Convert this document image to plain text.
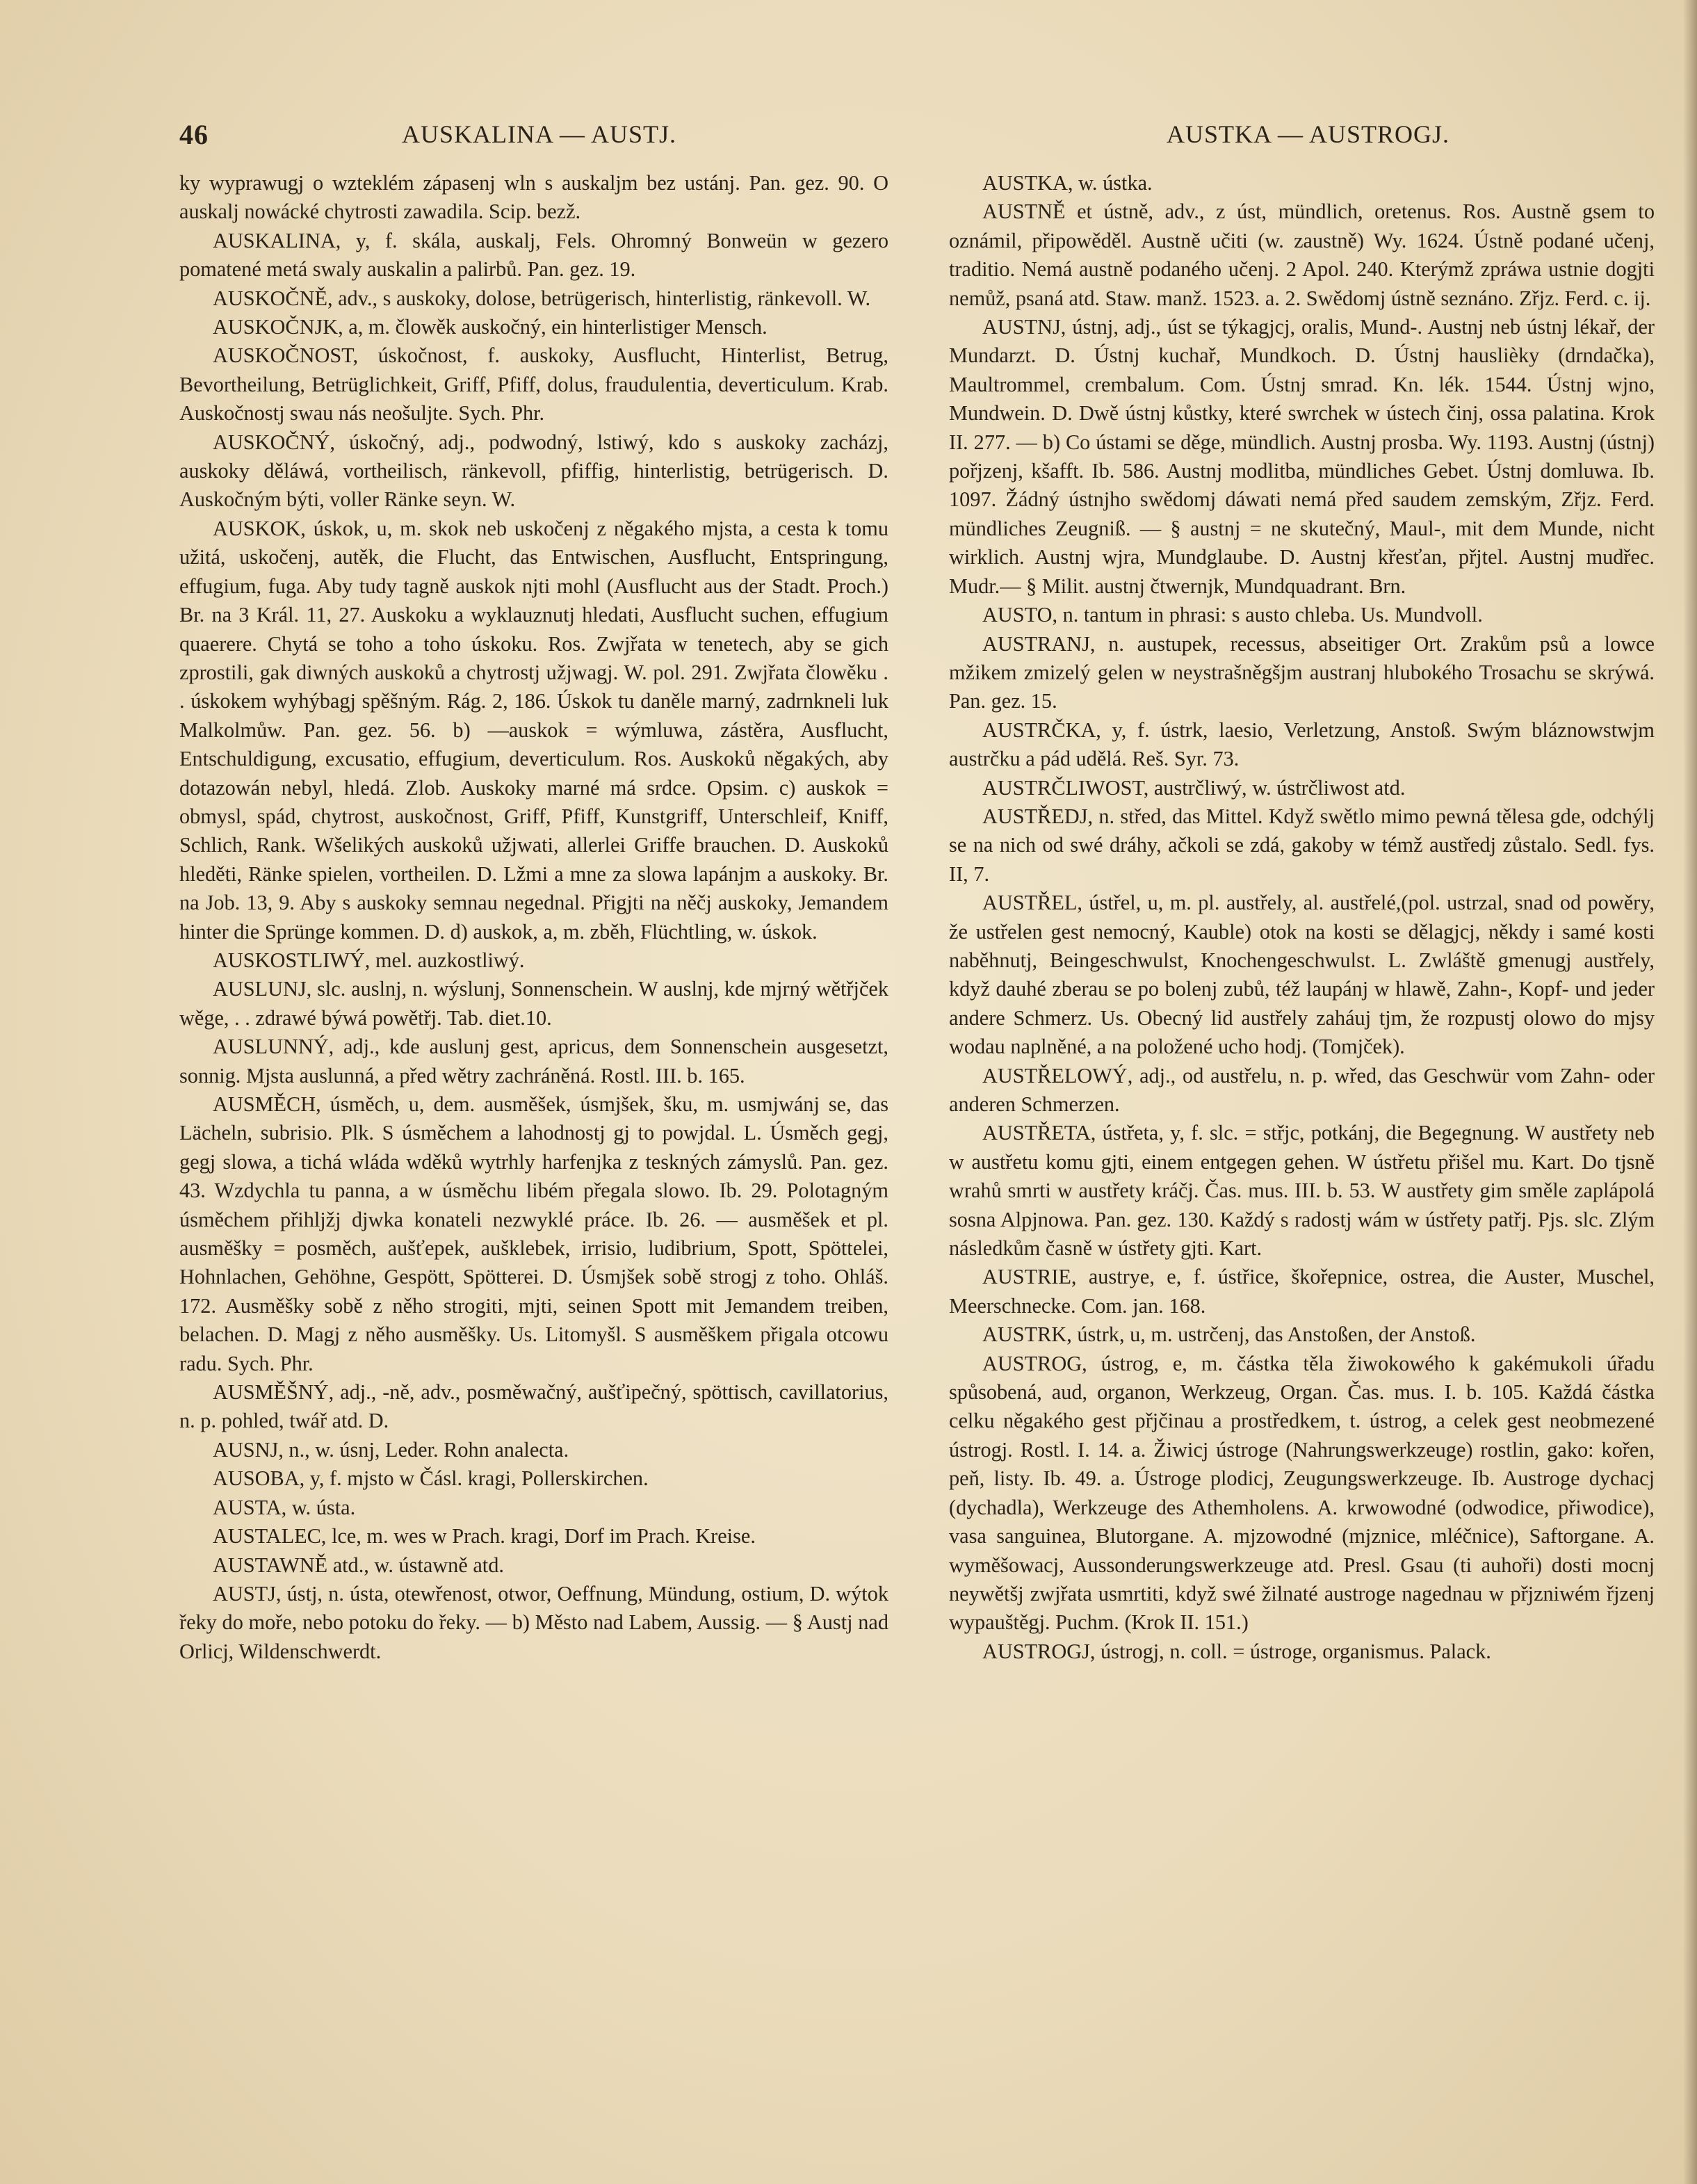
46	AUSKALINA — AUSTJ.	AUSTKA — AUSTROGJ.

ky wyprawugj o wzteklém zápasenj wln s auskaljm bez ustánj. Pan. gez. 90. O auskalj nowácké chytrosti zawadila. Scip. bezž.

AUSKALINA, y, f. skála, auskalj, Fels. Ohromný Bonweün w gezero pomatené metá swaly auskalin a palirbů. Pan. gez. 19.

AUSKOČNĚ, adv., s auskoky, dolose, betrügerisch, hinterlistig, ränkevoll. W.

AUSKOČNJK, a, m. člowěk auskočný, ein hinterlistiger Mensch.

AUSKOČNOST, úskočnost, f. auskoky, Ausflucht, Hinterlist, Betrug, Bevortheilung, Betrüglichkeit, Griff, Pfiff, dolus, fraudulentia, deverticulum. Krab. Auskočnostj swau nás neošuljte. Sych. Phr.

AUSKOČNÝ, úskočný, adj., podwodný, lstiwý, kdo s auskoky zacházj, auskoky děláwá, vortheilisch, ränkevoll, pfiffig, hinterlistig, betrügerisch. D. Auskočným býti, voller Ränke seyn. W.

AUSKOK, úskok, u, m. skok neb uskočenj z něgakého mjsta, a cesta k tomu užitá, uskočenj, autěk, die Flucht, das Entwischen, Ausflucht, Entspringung, effugium, fuga. Aby tudy tagně auskok njti mohl (Ausflucht aus der Stadt. Proch.) Br. na 3 Král. 11, 27. Auskoku a wyklauznutj hledati, Ausflucht suchen, effugium quaerere. Chytá se toho a toho úskoku. Ros. Zwjřata w tenetech, aby se gich zprostili, gak diwných auskoků a chytrostj užjwagj. W. pol. 291. Zwjřata člowěku . . úskokem wyhýbagj spěšným. Rág. 2, 186. Úskok tu daněle marný, zadrnkneli luk Malkolmůw. Pan. gez. 56. b) —auskok = wýmluwa, zástěra, Ausflucht, Entschuldigung, excusatio, effugium, deverticulum. Ros. Auskoků něgakých, aby dotazowán nebyl, hledá. Zlob. Auskoky marné má srdce. Opsim. c) auskok = obmysl, spád, chytrost, auskočnost, Griff, Pfiff, Kunstgriff, Unterschleif, Kniff, Schlich, Rank. Wšelikých auskoků užjwati, allerlei Griffe brauchen. D. Auskoků hleděti, Ränke spielen, vortheilen. D. Lžmi a mne za slowa lapánjm a auskoky. Br. na Job. 13, 9. Aby s auskoky semnau negednal. Přigjti na něčj auskoky, Jemandem hinter die Sprünge kommen. D. d) auskok, a, m. zběh, Flüchtling, w. úskok.

AUSKOSTLIWÝ, mel. auzkostliwý.

AUSLUNJ, slc. auslnj, n. wýslunj, Sonnenschein. W auslnj, kde mjrný wětřjček wěge, . . zdrawé býwá powětřj. Tab. diet.10.

AUSLUNNÝ, adj., kde auslunj gest, apricus, dem Sonnenschein ausgesetzt, sonnig. Mjsta auslunná, a před wětry zachráněná. Rostl. III. b. 165.

AUSMĚCH, úsměch, u, dem. ausměšek, úsmjšek, šku, m. usmjwánj se, das Lächeln, subrisio. Plk. S úsměchem a lahodnostj gj to powjdal. L. Úsměch gegj, gegj slowa, a tichá wláda wděků wytrhly harfenjka z teskných zámyslů. Pan. gez. 43. Wzdychla tu panna, a w úsměchu libém přegala slowo. Ib. 29. Polotagným úsměchem přihljžj djwka konateli nezwyklé práce. Ib. 26. — ausměšek et pl. ausměšky = posměch, aušťepek, aušklebek, irrisio, ludibrium, Spott, Spöttelei, Hohnlachen, Gehöhne, Gespött, Spötterei. D. Úsmjšek sobě strogj z toho. Ohláš. 172. Ausměšky sobě z něho strogiti, mjti, seinen Spott mit Jemandem treiben, belachen. D. Magj z něho ausměšky. Us. Litomyšl. S ausměškem přigala otcowu radu. Sych. Phr.

AUSMĚŠNÝ, adj., -ně, adv., posměwačný, aušťipečný, spöttisch, cavillatorius, n. p. pohled, twář atd. D.

AUSNJ, n., w. úsnj, Leder. Rohn analecta.

AUSOBA, y, f. mjsto w Čásl. kragi, Pollerskirchen.

AUSTA, w. ústa.

AUSTALEC, lce, m. wes w Prach. kragi, Dorf im Prach. Kreise.

AUSTAWNĚ atd., w. ústawně atd.

AUSTJ, ústj, n. ústa, otewřenost, otwor, Oeffnung, Mündung, ostium, D. wýtok řeky do moře, nebo potoku do řeky. — b) Město nad Labem, Aussig. — § Austj nad Orlicj, Wildenschwerdt.

AUSTKA, w. ústka.

AUSTNĚ et ústně, adv., z úst, mündlich, oretenus. Ros. Austně gsem to oznámil, připowěděl. Austně učiti (w. zaustně) Wy. 1624. Ústně podané učenj, traditio. Nemá austně podaného učenj. 2 Apol. 240. Kterýmž zpráwa ustnie dogjti nemůž, psaná atd. Staw. manž. 1523. a. 2. Swědomj ústně seznáno. Zřjz. Ferd. c. ij.

AUSTNJ, ústnj, adj., úst se týkagjcj, oralis, Mund-. Austnj neb ústnj lékař, der Mundarzt. D. Ústnj kuchař, Mundkoch. D. Ústnj hauslièky (drndačka), Maultrommel, crembalum. Com. Ústnj smrad. Kn. lék. 1544. Ústnj wjno, Mundwein. D. Dwě ústnj kůstky, které swrchek w ústech činj, ossa palatina. Krok II. 277. — b) Co ústami se děge, mündlich. Austnj prosba. Wy. 1193. Austnj (ústnj) pořjzenj, kšafft. Ib. 586. Austnj modlitba, mündliches Gebet. Ústnj domluwa. Ib. 1097. Žádný ústnjho swědomj dáwati nemá před saudem zemským, Zřjz. Ferd. mündliches Zeugniß. — § austnj = ne skutečný, Maul-, mit dem Munde, nicht wirklich. Austnj wjra, Mundglaube. D. Austnj křesťan, přjtel. Austnj mudřec. Mudr.— § Milit. austnj čtwernjk, Mundquadrant. Brn.

AUSTO, n. tantum in phrasi: s austo chleba. Us. Mundvoll.

AUSTRANJ, n. austupek, recessus, abseitiger Ort. Zrakům psů a lowce mžikem zmizelý gelen w neystrašněgšjm austranj hlubokého Trosachu se skrýwá. Pan. gez. 15.

AUSTRČKA, y, f. ústrk, laesio, Verletzung, Anstoß. Swým bláznowstwjm austrčku a pád udělá. Reš. Syr. 73.

AUSTRČLIWOST, austrčliwý, w. ústrčliwost atd.

AUSTŘEDJ, n. střed, das Mittel. Když swětlo mimo pewná tělesa gde, odchýlj se na nich od swé dráhy, ačkoli se zdá, gakoby w témž austředj zůstalo. Sedl. fys. II, 7.

AUSTŘEL, ústřel, u, m. pl. austřely, al. austřelé,(pol. ustrzal, snad od powěry, že ustřelen gest nemocný, Kauble) otok na kosti se dělagjcj, někdy i samé kosti naběhnutj, Beingeschwulst, Knochengeschwulst. L. Zwláště gmenugj austřely, když dauhé zberau se po bolenj zubů, též laupánj w hlawě, Zahn-, Kopf- und jeder andere Schmerz. Us. Obecný lid austřely zaháuj tjm, že rozpustj olowo do mjsy wodau naplněné, a na položené ucho hodj. (Tomjček).

AUSTŘELOWÝ, adj., od austřelu, n. p. wřed, das Geschwür vom Zahn- oder anderen Schmerzen.

AUSTŘETA, ústřeta, y, f. slc. = střjc, potkánj, die Begegnung. W austřety neb w austřetu komu gjti, einem entgegen gehen. W ústřetu přišel mu. Kart. Do tjsně wrahů smrti w austřety kráčj. Čas. mus. III. b. 53. W austřety gim směle zaplápolá sosna Alpjnowa. Pan. gez. 130. Každý s radostj wám w ústřety patřj. Pjs. slc. Zlým následkům časně w ústřety gjti. Kart.

AUSTRIE, austrye, e, f. ústřice, škořepnice, ostrea, die Auster, Muschel, Meerschnecke. Com. jan. 168.

AUSTRK, ústrk, u, m. ustrčenj, das Anstoßen, der Anstoß.

AUSTROG, ústrog, e, m. částka těla žiwokowého k gakémukoli úřadu spůsobená, aud, organon, Werkzeug, Organ. Čas. mus. I. b. 105. Každá částka celku něgakého gest přjčinau a prostředkem, t. ústrog, a celek gest neobmezené ústrogj. Rostl. I. 14. a. Žiwicj ústroge (Nahrungswerkzeuge) rostlin, gako: kořen, peň, listy. Ib. 49. a. Ústroge plodicj, Zeugungswerkzeuge. Ib. Austroge dychacj (dychadla), Werkzeuge des Athemholens. A. krwowodné (odwodice, přiwodice), vasa sanguinea, Blutorgane. A. mjzowodné (mjznice, mléčnice), Saftorgane. A. wyměšowacj, Aussonderungswerkzeuge atd. Presl. Gsau (ti auhoři) dosti mocnj neywětšj zwjřata usmrtiti, když swé žilnaté austroge nagednau w přjzniwém řjzenj wypauštěgj. Puchm. (Krok II. 151.)

AUSTROGJ, ústrogj, n. coll. = ústroge, organismus. Palack.
